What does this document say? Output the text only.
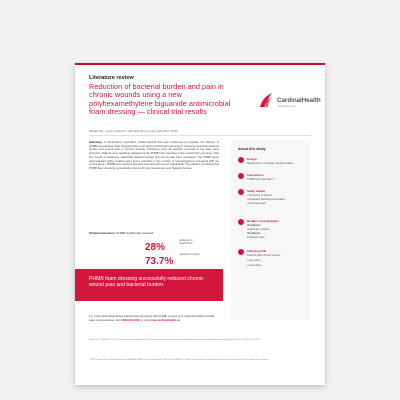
Literature review
Reduction of bacterial burden and pain in chronic wounds using a new polyhexamethylene biguanide antimicrobial foam dressing — clinical trial results
Sibbald RG, Coutts P, Woo KY. Adv Skin Wound Care 2011;24(2):78-84.
CardinalHealth
Essential to care
Summary: A randomized, controlled, double-blinded trial was conducted to compare the efficacy of PHMB-impregnated foam dressing with a non-antimicrobial foam dressing in reducing superficial bacterial burden and wound pain in chronic wounds. Outcomes from 45 patients recruited at two sites were analyzed. Patients were randomly assigned to the PHMB foam dressing or the control foam dressing. After four weeks of treatment, superficial bacterial burden and wound pain were measured. The PHMB group demonstrated higher healing rates and a reduction in the number of microorganisms compared with the control group. PHMB foam reduced bacterial load and pain scores significantly. The authors concluded that PHMB foam dressing successfully reduced chronic wound pain and bacterial burden.
Clinical outcomes: PHMB significantly reduced:
28%
reduction in organisms¹
73.7%
reported no pain²
PHMB foam dressing successfully reduced chronic wound pain and bacterial burden.
For more information about antimicrobial dressings with PHMB, contact your Cardinal Health Canada sales representative, call 1.800.291.0333 or visit shop.cardinalhealth.ca
References: 1. Sibbald RG, et al. Reduction of bacterial burden and pain in chronic wounds using a new polyhexamethylene biguanide antimicrobial foam dressing. Adv Skin Wound Care 2011;24(2):78-84.
© 2018 Cardinal Health. All Rights Reserved. CARDINAL HEALTH, the Cardinal Health LOGO and ESSENTIAL TO CARE are trademarks of Cardinal Health and may be registered in the US and/or in other countries.
About this study
Design
Randomized, controlled, double-blinded
Intervention
PHMB foam (Kendall™)
Study details
• University of Toronto
• Evaluated bacterial colonization
• Evaluated pain
Number of participants
45 patients
treated per protocol
40 patients
included in trial
Patient profile
Patients with chronic wounds
• Leg ulcers
• Foot ulcers
